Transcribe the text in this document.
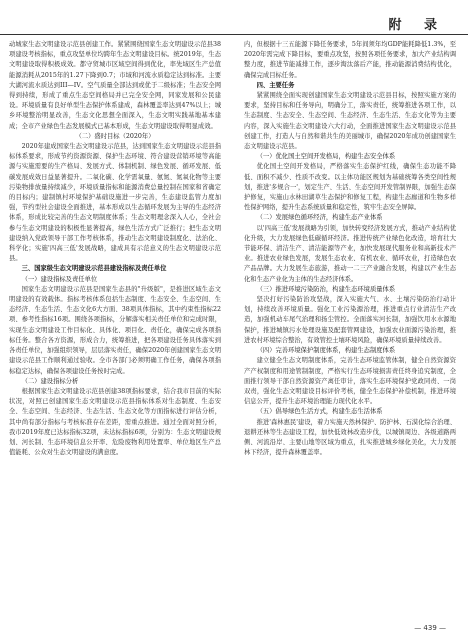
附 录

动城家生态文明建设示范县创建工作。紧紧围绕国家生态文明建设示范县38项建设考核指标，重点攻坚单位均跨年生态文明建设目标。统2019年，生态文明建设取得积极成效。都守贸城市区域空间得到优化，率先域区生产总值能源消耗从2015年的1.27下降到0.7；市域和河流水质稳定达到标准。主要大湖河流水质达到III—IV。空气质量全部达到或优于二级标准；生态安全网得到持续，形成了重点生态空间格局并已完全安全网，同家发展和公民建设。环境质量有良好单型生态保护体系建成，森林覆盖率达到47%以上；城乡环境整治明显改善，生态文化思想全面深入，生态文明实践基地基本建成；全市产业绿色生态发展模式已基本形成，生态文明建设取得明显成效。

（二）盛时目标（2020年）

2020年建成国家生态文明建设示范县，达到国家生态文明建设示范县指标体系要求，形成节约资源资源、保护生态环境、符合建设营销环境等高能源与实施需要的生产格局、发展方式、体制机制、绿色发展、循环发展、低碳发展成效日益显著提升。二氧化碳、化学需氧量、氨氮、氮氧化物等主要污染物排放量持续减少，环境质量指标和能源消费总量控制在国家和省确定的目标内；建制镇村环境保护基础设施进一步完善，生态建设监管力度加强，节约型社会建设全面推进，基本形成以生态循环发展为主导的生态经济体系，形成比较完善的生态文明制度体系；生态文明理念深入人心，全社会参与生态文明建设的积极性显著提高，绿色生活方式广泛推行；把生态文明建设纳入党政领导干部工作考核体系，推动生态文明建设制度化、法治化、科学化；实施'四高三低'发展战略，建成具有示范意义的生态文明建设示范县。

三、国家级生态文明建设示范县建设指标及责任单位

（一）建设指标及责任单位

国家生态文明建设示范县是国家生态县的"升级版"，是推进区域生态文明建设的有效载体。指标考核体系包括生态制度、生态安全、生态空间、生态经济、生态生活、生态文化6大方面、38项具体指标，其中约束性指标22项、参考性指标16项。围绕各项指标，分解落实相关责任单位和完成时限，实现生态文明建设工作目标化、具体化、项目化、责任化，确保完成各项指标任务。整合各方资源，形成合力，统筹推进，把各项建设任务具体落实到各责任单位，加强组织领导，层层落实责任，确保2020年创建国家生态文明建设示范县工作顺利通过验收。全市各部门必须明确工作任务，确保各项指标稳定达标，确保各项建设任务按时完成。

（二）建设指标分析

根据国家生态文明建设示范县创建38项指标要求，结合我市目前的实际状况，对照已创建国家生态文明建设示范县指标体系对生态制度、生态安全、生态空间、生态经济、生态生活、生态文化等方面指标进行评估分析，其中尚有部分指标与考核标准存在差距，需重点推进。通过全面对照分析，我市2019年度已达标指标32项，未达标指标6项，分别为：生态文明建设规划、河长制、生态环境信息公开率、危险废物利用处置率、单位地区生产总值能耗、公众对生态文明建设的满意度。

内，但根据十三五能源下降任务要求，5年间须年均GDP能耗降低1.3%，至2020年需完成下降目标，要重点攻坚，按照各项任务要求，加大产业结构调整力度，推进节能减排工作，逐步淘汰落后产能，推动能源消费结构优化，确保完成目标任务。

四、主要任务

紧紧围绕全面实现创建国家生态文明建设示范县目标，按照实施方案的要求，坚持目标和任务导向，明确分工，落实责任，统筹推进各项工作，以生态制度、生态安全、生态空间、生态经济、生态生活、生态文化等为主要内容，深入实施生态文明建设六大行动，全面推进国家生态文明建设示范县创建工作，打造人与自然和谐共生的美丽城市，确保2020年成功创建国家生态文明建设示范县。

（一）优化国土空间开发格局，构建生态安全体系

优化国土空间开发格局，严格落实生态保护红线，确保生态功能不降低、面积不减少、性质不改变。以主体功能区规划为基础统筹各类空间性规划，推进'多规合一'，划定生产、生活、生态空间开发管制界限，加强生态保护修复，实施山水林田湖草生态保护和修复工程，构建生态廊道和生物多样性保护网络，提升生态系统质量和稳定性，筑牢生态安全屏障。

（二）发展绿色循环经济，构建生态产业体系

以'四高三低'发展战略为引领，加快转变经济发展方式，推动产业结构优化升级，大力发展绿色低碳循环经济。推进传统产业绿色化改造，培育壮大节能环保、清洁生产、清洁能源等产业，加快发展现代服务业和高新技术产业。推进农业绿色发展，发展生态农业、有机农业、循环农业，打造绿色农产品品牌。大力发展生态旅游，推动一二三产业融合发展，构建以产业生态化和生态产业化为主体的生态经济体系。

（三）推进环境污染防治，构建生态环境质量体系

坚决打好污染防治攻坚战，深入实施大气、水、土壤污染防治行动计划，持续改善环境质量。强化工业污染源治理，推进重点行业清洁生产改造，加强机动车尾气治理和扬尘管控。全面落实河长制，加强饮用水水源地保护，推进城镇污水处理设施及配套管网建设，加强农业面源污染治理，推进农村环境综合整治，有效管控土壤环境风险，确保环境质量持续改善。

（四）完善环境保护制度体系，构建生态制度体系

建立健全生态文明制度体系，完善生态环境监管体制，健全自然资源资产产权制度和用途管制制度，严格实行生态环境损害责任终身追究制度，全面推行领导干部自然资源资产离任审计，落实生态环境保护党政同责、一岗双责，强化生态文明建设目标评价考核，健全生态保护补偿机制，推进环境信息公开，提升生态环境治理能力现代化水平。

（五）倡导绿色生活方式，构建生态生活体系

推进'森林惠民'建设，着力实施天然林保护、防护林、石漠化综合治理、退耕还林等生态建设工程，加快低效林改造步伐，以城镇周边、各级道路两侧、河流沿岸、主要山地等区域为重点，扎实推进城乡绿化美化，大力发展林下经济，提升森林覆盖率。

— 439 —
